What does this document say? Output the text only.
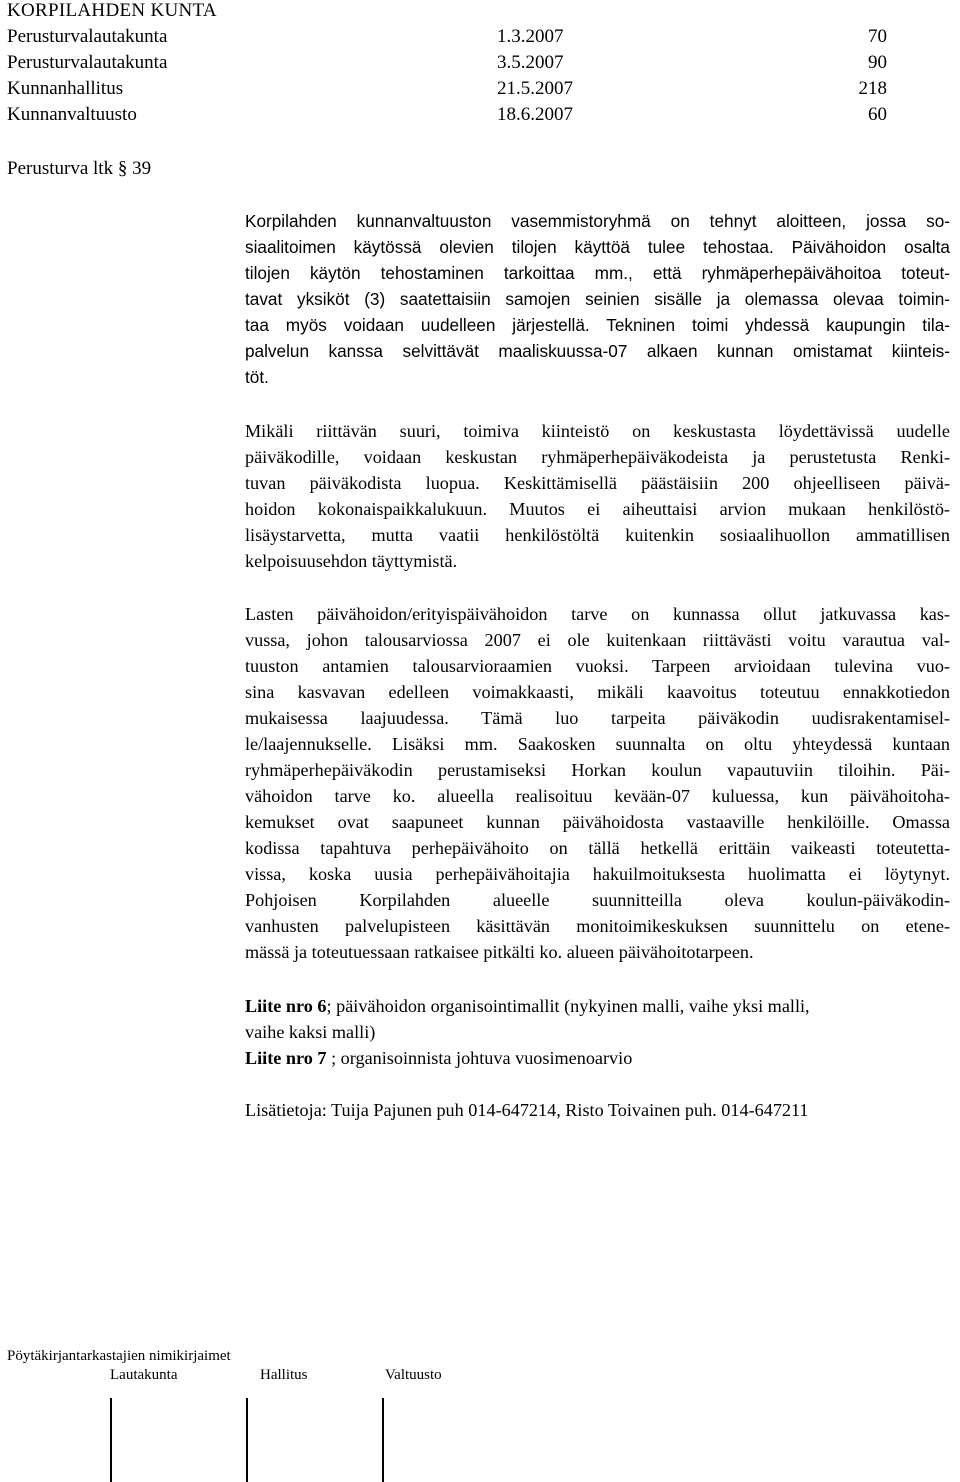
KORPILAHDEN KUNTA
Perusturvalautakunta	1.3.2007	70
Perusturvalautakunta	3.5.2007	90
Kunnanhallitus	21.5.2007	218
Kunnanvaltuusto	18.6.2007	60
Perusturva ltk § 39
Korpilahden kunnanvaltuuston vasemmistoryhmä on tehnyt aloitteen, jossa so-
siaalitoimen käytössä olevien tilojen käyttöä tulee tehostaa. Päivähoidon osalta
tilojen käytön tehostaminen tarkoittaa mm., että ryhmäperhepäivähoitoa toteut-
tavat yksiköt (3) saatettaisiin samojen seinien sisälle ja olemassa olevaa toimin-
taa myös voidaan uudelleen järjestellä. Tekninen toimi yhdessä kaupungin tila-
palvelun kanssa selvittävät maaliskuussa-07 alkaen kunnan omistamat kiinteis-
töt.
Mikäli riittävän suuri, toimiva kiinteistö on keskustasta löydettävissä uudelle
päiväkodille, voidaan keskustan ryhmäperhepäiväkodeista ja perustetusta Renki-
tuvan päiväkodista luopua. Keskittämisellä päästäisiin 200 ohjeelliseen päivä-
hoidon kokonaispaikkalukuun. Muutos ei aiheuttaisi arvion mukaan henkilöstö-
lisäystarvetta, mutta vaatii henkilöstöltä kuitenkin sosiaalihuollon ammatillisen
kelpoisuusehdon täyttymistä.
Lasten päivähoidon/erityispäivähoidon tarve on kunnassa ollut jatkuvassa kas-
vussa, johon talousarviossa 2007 ei ole kuitenkaan riittävästi voitu varautua val-
tuuston antamien talousarvioraamien vuoksi. Tarpeen arvioidaan tulevina vuo-
sina kasvavan edelleen voimakkaasti, mikäli kaavoitus toteutuu ennakkotiedon
mukaisessa laajuudessa. Tämä luo tarpeita päiväkodin uudisrakentamisel-
le/laajennukselle. Lisäksi mm. Saakosken suunnalta on oltu yhteydessä kuntaan
ryhmäperhepäiväkodin perustamiseksi Horkan koulun vapautuviin tiloihin. Päi-
vähoidon tarve ko. alueella realisoituu kevään-07 kuluessa, kun päivähoitoha-
kemukset ovat saapuneet kunnan päivähoidosta vastaaville henkilöille. Omassa
kodissa tapahtuva perhepäivähoito on tällä hetkellä erittäin vaikeasti toteutetta-
vissa, koska uusia perhepäivähoitajia hakuilmoituksesta huolimatta ei löytynyt.
Pohjoisen Korpilahden alueelle suunnitteilla oleva koulun-päiväkodin-
vanhusten palvelupisteen käsittävän monitoimikeskuksen suunnittelu on etene-
mässä ja toteutuessaan ratkaisee pitkälti ko. alueen päivähoitotarpeen.
Liite nro 6; päivähoidon organisointimallit (nykyinen malli, vaihe yksi malli,
vaihe kaksi malli)
Liite nro 7 ; organisoinnista johtuva vuosimenoarvio
Lisätietoja: Tuija Pajunen puh 014-647214, Risto Toivainen puh. 014-647211
Pöytäkirjantarkastajien nimikirjaimet
Lautakunta	Hallitus	Valtuusto
